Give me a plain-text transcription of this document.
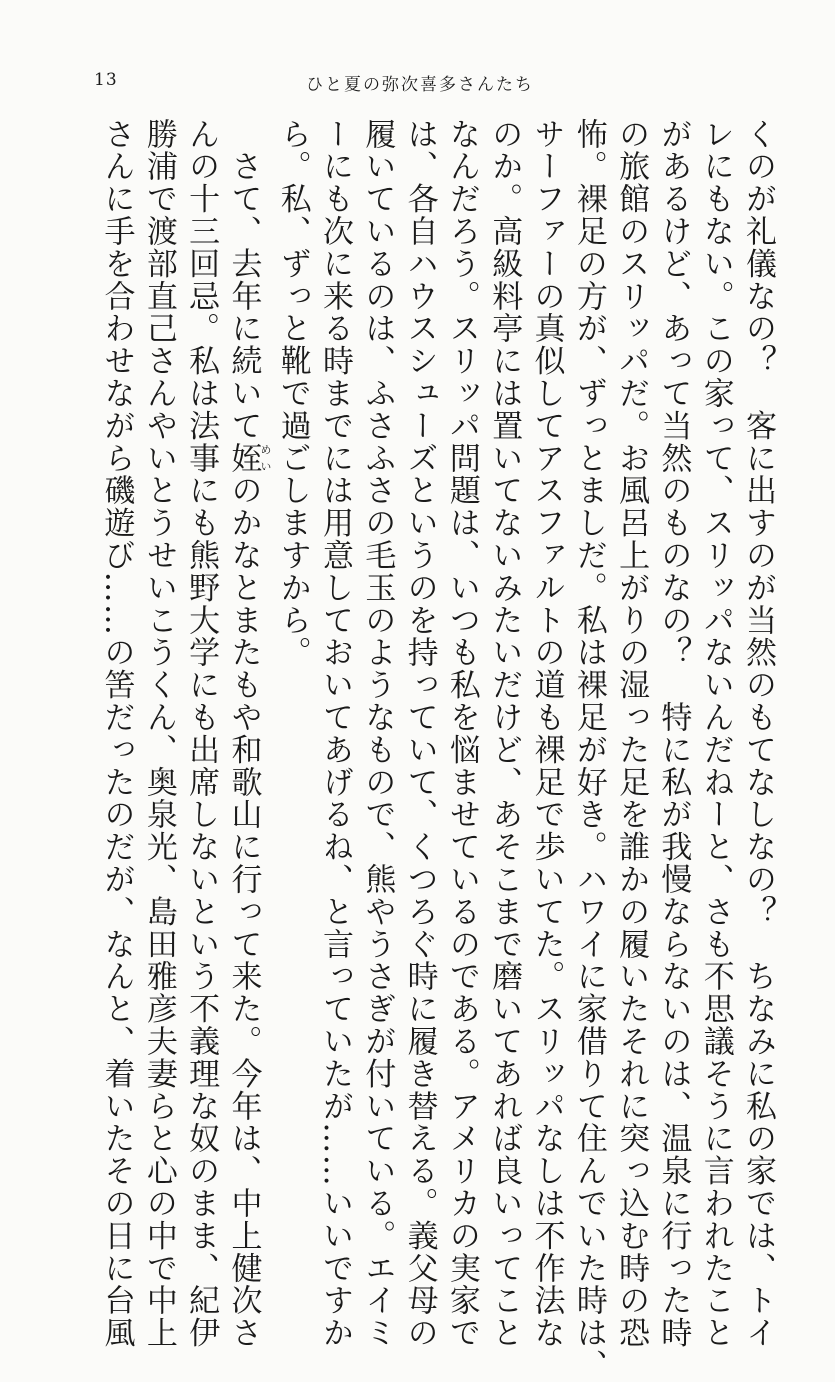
13	ひと夏の弥次喜多さんたち
くのが礼儀なの？　客に出すのが当然のもてなしなの？　ちなみに私の家では、トイ
レにもない。この家って、スリッパないんだねーと、さも不思議そうに言われたこと
があるけど、あって当然のものなの？　特に私が我慢ならないのは、温泉に行った時
の旅館のスリッパだ。お風呂上がりの湿った足を誰かの履いたそれに突っ込む時の恐
怖。裸足の方が、ずっとましだ。私は裸足が好き。ハワイに家借りて住んでいた時は、
サーファーの真似してアスファルトの道も裸足で歩いてた。スリッパなしは不作法な
のか。高級料亭には置いてないみたいだけど、あそこまで磨いてあれば良いってこと
なんだろう。スリッパ問題は、いつも私を悩ませているのである。アメリカの実家で
は、各自ハウスシューズというのを持っていて、くつろぐ時に履き替える。義父母の
履いているのは、ふさふさの毛玉のようなもので、熊やうさぎが付いている。エイミ
ーにも次に来る時までには用意しておいてあげるね、と言っていたが……いいですか
ら。私、ずっと靴で過ごしますから。
　さて、去年に続いて姪めいのかなとまたもや和歌山に行って来た。今年は、中上健次さ
んの十三回忌。私は法事にも熊野大学にも出席しないという不義理な奴のまま、紀伊
勝浦で渡部直己さんやいとうせいこうくん、奥泉光、島田雅彦夫妻らと心の中で中上
さんに手を合わせながら磯遊び……の筈だったのだが、なんと、着いたその日に台風
